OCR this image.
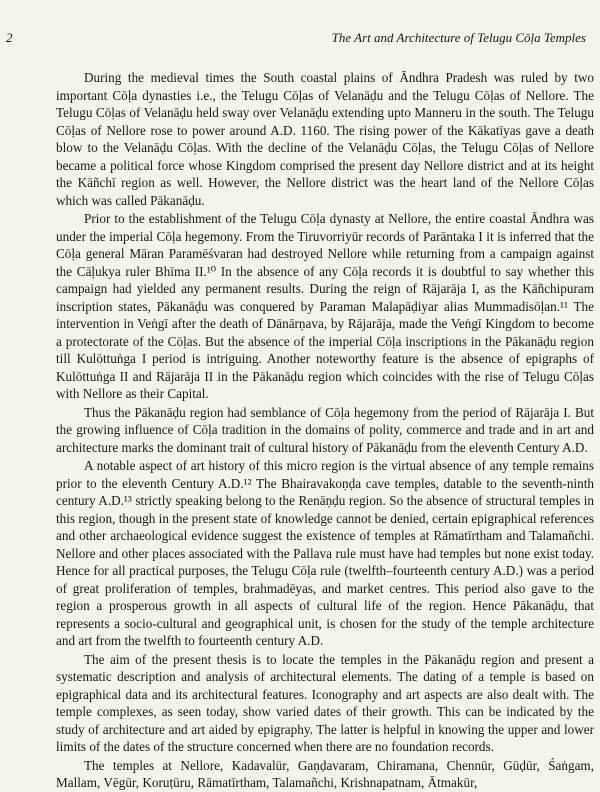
2	The Art and Architecture of Telugu Cōḷa Temples

During the medieval times the South coastal plains of Āndhra Pradesh was ruled by two important Cōḷa dynasties i.e., the Telugu Cōḷas of Velanāḍu and the Telugu Cōḷas of Nellore. The Telugu Cōḷas of Velanāḍu held sway over Velanāḍu extending upto Manneru in the south. The Telugu Cōḷas of Nellore rose to power around A.D. 1160. The rising power of the Kākatīyas gave a death blow to the Velanāḍu Cōḷas. With the decline of the Velanāḍu Cōḷas, the Telugu Cōḷas of Nellore became a political force whose Kingdom comprised the present day Nellore district and at its height the Kāñchī region as well. However, the Nellore district was the heart land of the Nellore Cōḷas which was called Pākanāḍu.

Prior to the establishment of the Telugu Cōḷa dynasty at Nellore, the entire coastal Āndhra was under the imperial Cōḷa hegemony. From the Tiruvorriyūr records of Parāntaka I it is inferred that the Cōḷa general Māran Paramēśvaran had destroyed Nellore while returning from a campaign against the Cāḷukya ruler Bhīma II.¹⁰ In the absence of any Cōḷa records it is doubtful to say whether this campaign had yielded any permanent results. During the reign of Rājarāja I, as the Kāñchipuram inscription states, Pākanāḍu was conquered by Paraman Malapāḍiyar alias Mummadisōḷan.¹¹ The intervention in Veṅgī after the death of Dānārṇava, by Rājarāja, made the Veṅgī Kingdom to become a protectorate of the Cōḷas. But the absence of the imperial Cōḷa inscriptions in the Pākanāḍu region till Kulōttuṅga I period is intriguing. Another noteworthy feature is the absence of epigraphs of Kulōttuṅga II and Rājarāja II in the Pākanāḍu region which coincides with the rise of Telugu Cōḷas with Nellore as their Capital.

Thus the Pākanāḍu region had semblance of Cōḷa hegemony from the period of Rājarāja I. But the growing influence of Cōḷa tradition in the domains of polity, commerce and trade and in art and architecture marks the dominant trait of cultural history of Pākanāḍu from the eleventh Century A.D.

A notable aspect of art history of this micro region is the virtual absence of any temple remains prior to the eleventh Century A.D.¹² The Bhairavakoṇḍa cave temples, datable to the seventh-ninth century A.D.¹³ strictly speaking belong to the Renāṇḍu region. So the absence of structural temples in this region, though in the present state of knowledge cannot be denied, certain epigraphical references and other archaeological evidence suggest the existence of temples at Rāmatīrtham and Talamañchi. Nellore and other places associated with the Pallava rule must have had temples but none exist today. Hence for all practical purposes, the Telugu Cōḷa rule (twelfth–fourteenth century A.D.) was a period of great proliferation of temples, brahmadēyas, and market centres. This period also gave to the region a prosperous growth in all aspects of cultural life of the region. Hence Pākanāḍu, that represents a socio-cultural and geographical unit, is chosen for the study of the temple architecture and art from the twelfth to fourteenth century A.D.

The aim of the present thesis is to locate the temples in the Pākanāḍu region and present a systematic description and analysis of architectural elements. The dating of a temple is based on epigraphical data and its architectural features. Iconography and art aspects are also dealt with. The temple complexes, as seen today, show varied dates of their growth. This can be indicated by the study of architecture and art aided by epigraphy. The latter is helpful in knowing the upper and lower limits of the dates of the structure concerned when there are no foundation records.

The temples at Nellore, Kadavalūr, Gaṇḍavaram, Chiramana, Chennūr, Gūḍūr, Śaṅgam, Mallam, Vēgūr, Koruṭūru, Rāmatīrtham, Talamañchi, Krishnapatnam, Ātmakūr,
